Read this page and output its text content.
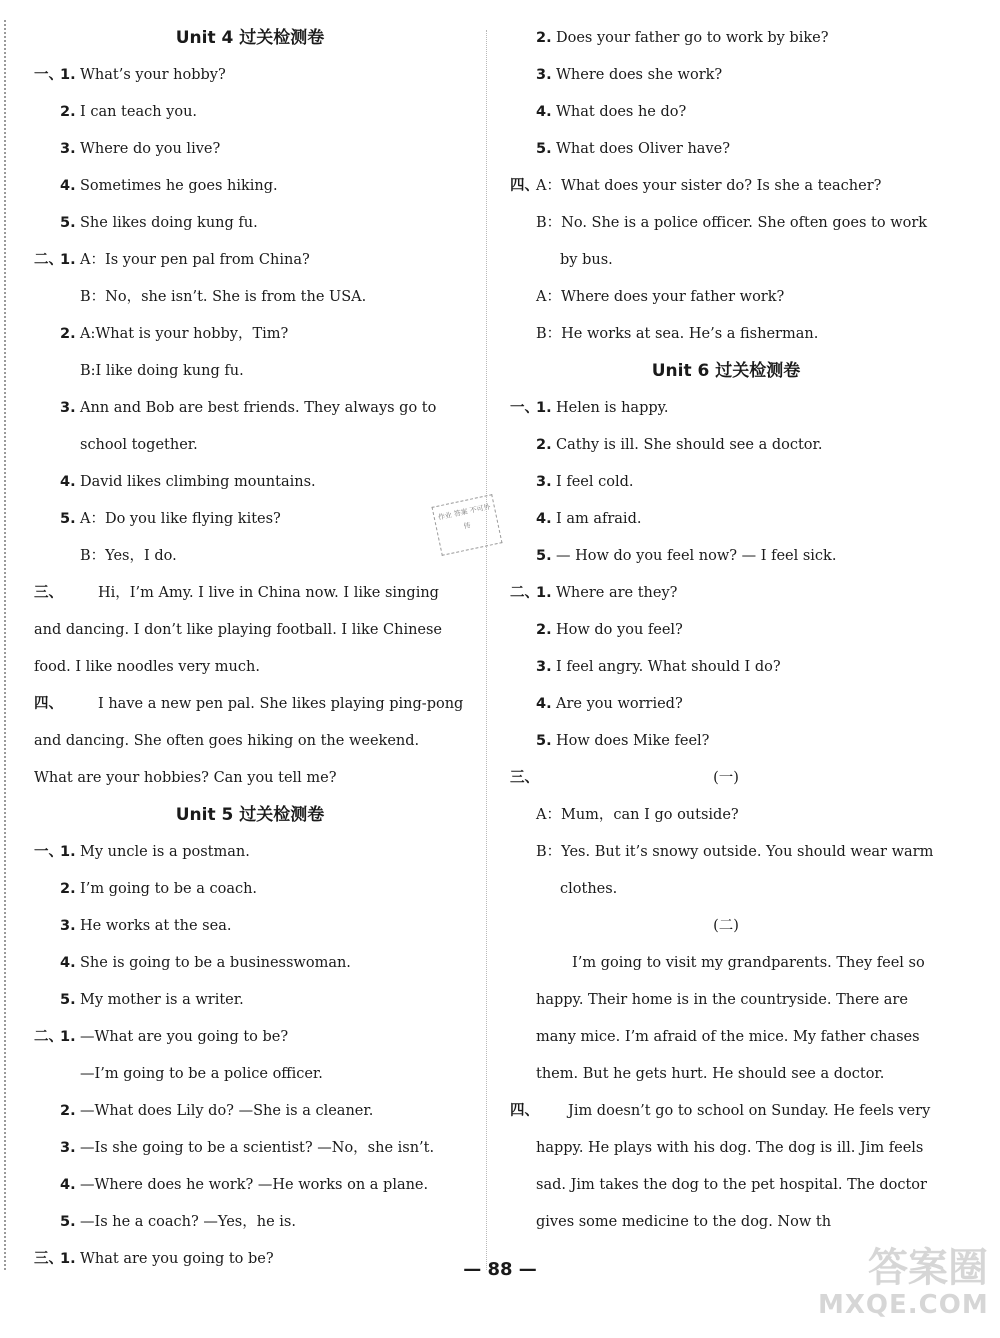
Unit 4 过关检测卷
一、1. What’s your hobby?
2. I can teach you.
3. Where do you live?
4. Sometimes he goes hiking.
5. She likes doing kung fu.
二、1. A：Is your pen pal from China?
B：No，she isn’t. She is from the USA.
2. A:What is your hobby，Tim?
B:I like doing kung fu.
3. Ann and Bob are best friends. They always go to
school together.
4. David likes climbing mountains.
5. A：Do you like flying kites?
B：Yes，I do.
三、 Hi，I’m Amy. I live in China now. I like singing
and dancing. I don’t like playing football. I like Chinese
food. I like noodles very much.
四、 I have a new pen pal. She likes playing ping-pong
and dancing. She often goes hiking on the weekend.
What are your hobbies? Can you tell me?
Unit 5 过关检测卷
一、1. My uncle is a postman.
2. I’m going to be a coach.
3. He works at the sea.
4. She is going to be a businesswoman.
5. My mother is a writer.
二、1. —What are you going to be?
—I’m going to be a police officer.
2. —What does Lily do? —She is a cleaner.
3. —Is she going to be a scientist? —No，she isn’t.
4. —Where does he work? —He works on a plane.
5. —Is he a coach? —Yes，he is.
三、1. What are you going to be?
2. Does your father go to work by bike?
3. Where does she work?
4. What does he do?
5. What does Oliver have?
四、A：What does your sister do? Is she a teacher?
B：No. She is a police officer. She often goes to work
by bus.
A：Where does your father work?
B：He works at sea. He’s a fisherman.
Unit 6 过关检测卷
一、1. Helen is happy.
2. Cathy is ill. She should see a doctor.
3. I feel cold.
4. I am afraid.
5. — How do you feel now? — I feel sick.
二、1. Where are they?
2. How do you feel?
3. I feel angry. What should I do?
4. Are you worried?
5. How does Mike feel?
三、	(一)
A：Mum，can I go outside?
B：Yes. But it’s snowy outside. You should wear warm
clothes.
(二)
I’m going to visit my grandparents. They feel so
happy. Their home is in the countryside. There are
many mice. I’m afraid of the mice. My father chases
them. But he gets hurt. He should see a doctor.
四、 Jim doesn’t go to school on Sunday. He feels very
happy. He plays with his dog. The dog is ill. Jim feels
sad. Jim takes the dog to the pet hospital. The doctor
gives some medicine to the dog. Now th
作业 答案 不可外传
— 88 —	答案圈
MXQE.COM
